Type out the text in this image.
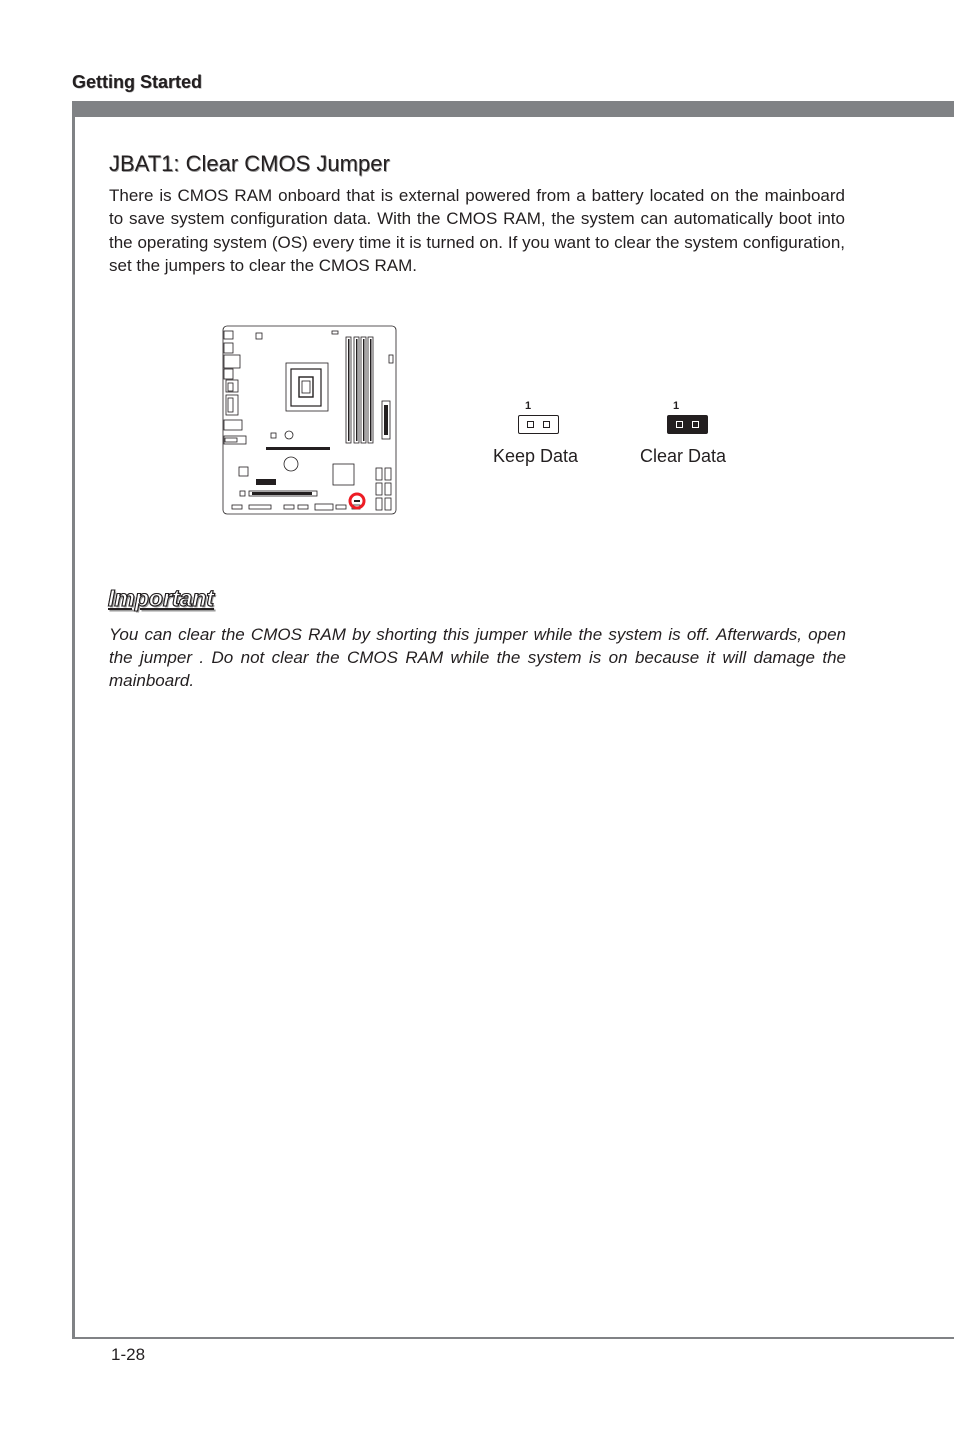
Getting Started
JBAT1: Clear CMOS Jumper

There is CMOS RAM onboard that is external powered from a battery located on the mainboard to save system configuration data. With the CMOS RAM, the system can automatically boot into the operating system (OS) every time it is turned on. If you want to clear the system configuration, set the jumpers to clear the CMOS RAM.

1
Keep Data
1
Clear Data
Important

You can clear the CMOS RAM by shorting this jumper while the system is off. Afterwards, open the jumper . Do not clear the CMOS RAM while the system is on because it will damage the mainboard.

1-28
